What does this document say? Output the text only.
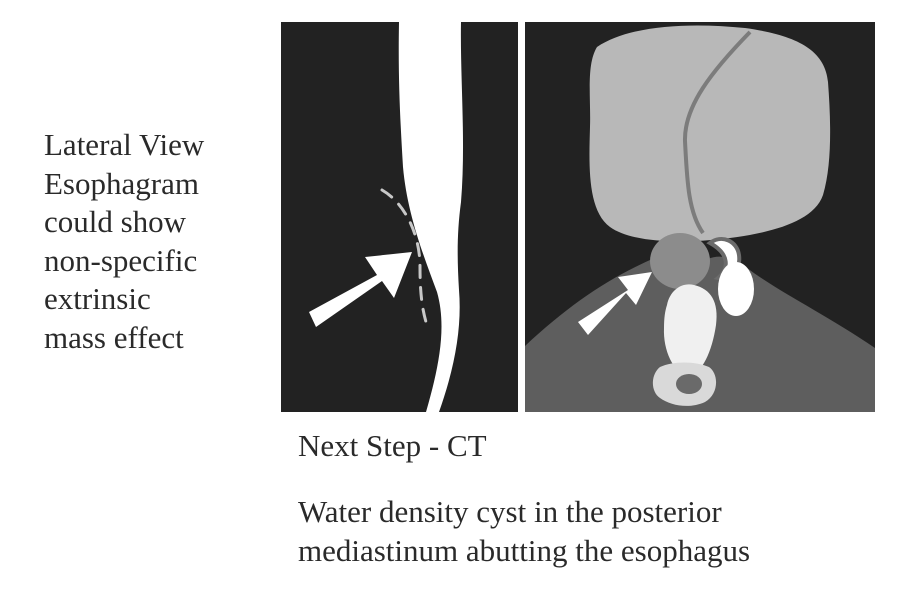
Lateral View
Esophagram
could show
non-specific
extrinsic
mass effect
Next Step - CT
Water density cyst in the posterior
mediastinum abutting the esophagus
